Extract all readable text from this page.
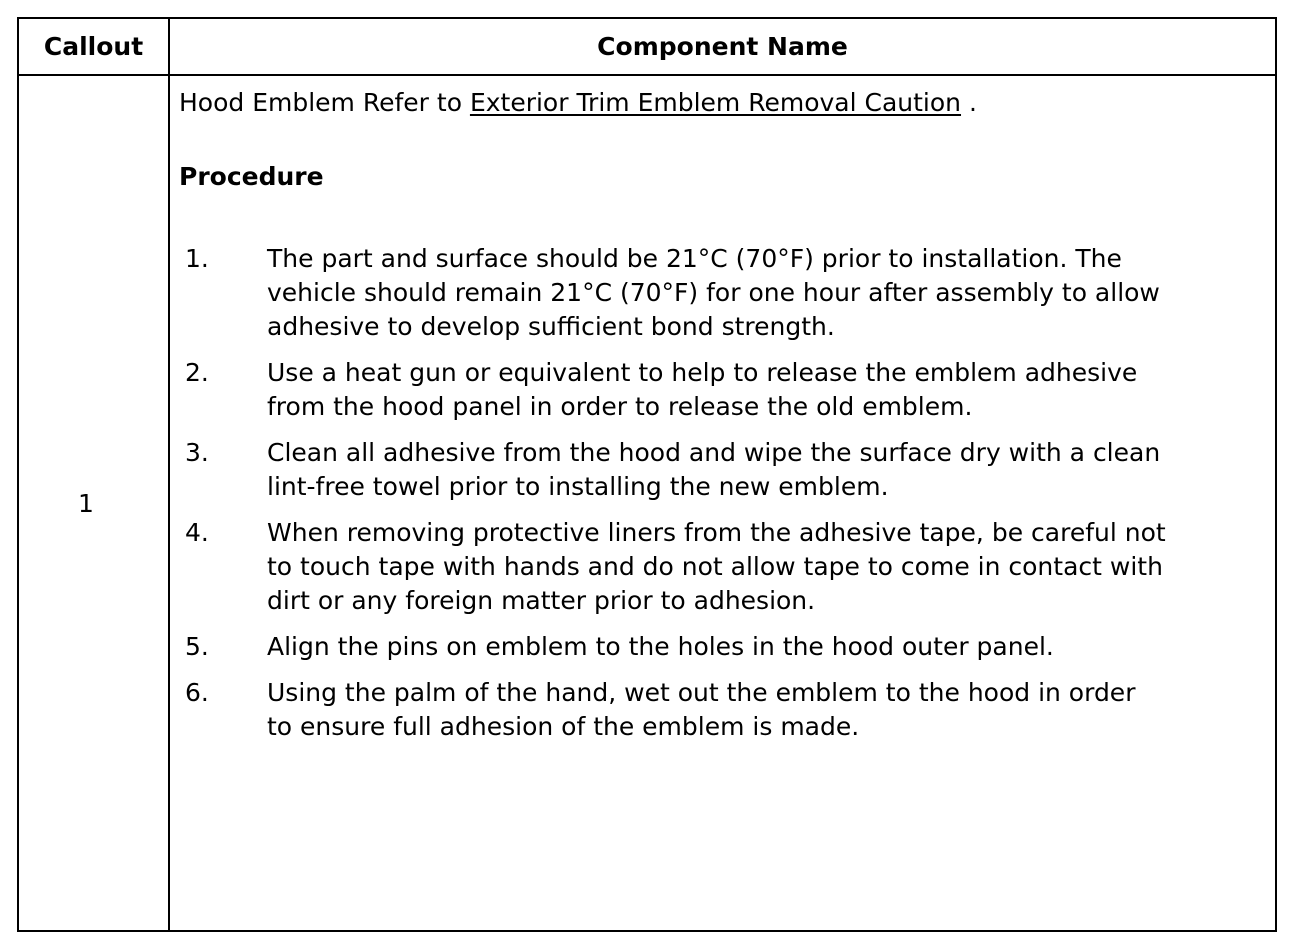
Callout	Component Name
1
Hood Emblem Refer to Exterior Trim Emblem Removal Caution .
Procedure
1. The part and surface should be 21°C (70°F) prior to installation. The vehicle should remain 21°C (70°F) for one hour after assembly to allow adhesive to develop sufficient bond strength.
2. Use a heat gun or equivalent to help to release the emblem adhesive from the hood panel in order to release the old emblem.
3. Clean all adhesive from the hood and wipe the surface dry with a clean lint-free towel prior to installing the new emblem.
4. When removing protective liners from the adhesive tape, be careful not to touch tape with hands and do not allow tape to come in contact with dirt or any foreign matter prior to adhesion.
5. Align the pins on emblem to the holes in the hood outer panel.
6. Using the palm of the hand, wet out the emblem to the hood in order to ensure full adhesion of the emblem is made.
